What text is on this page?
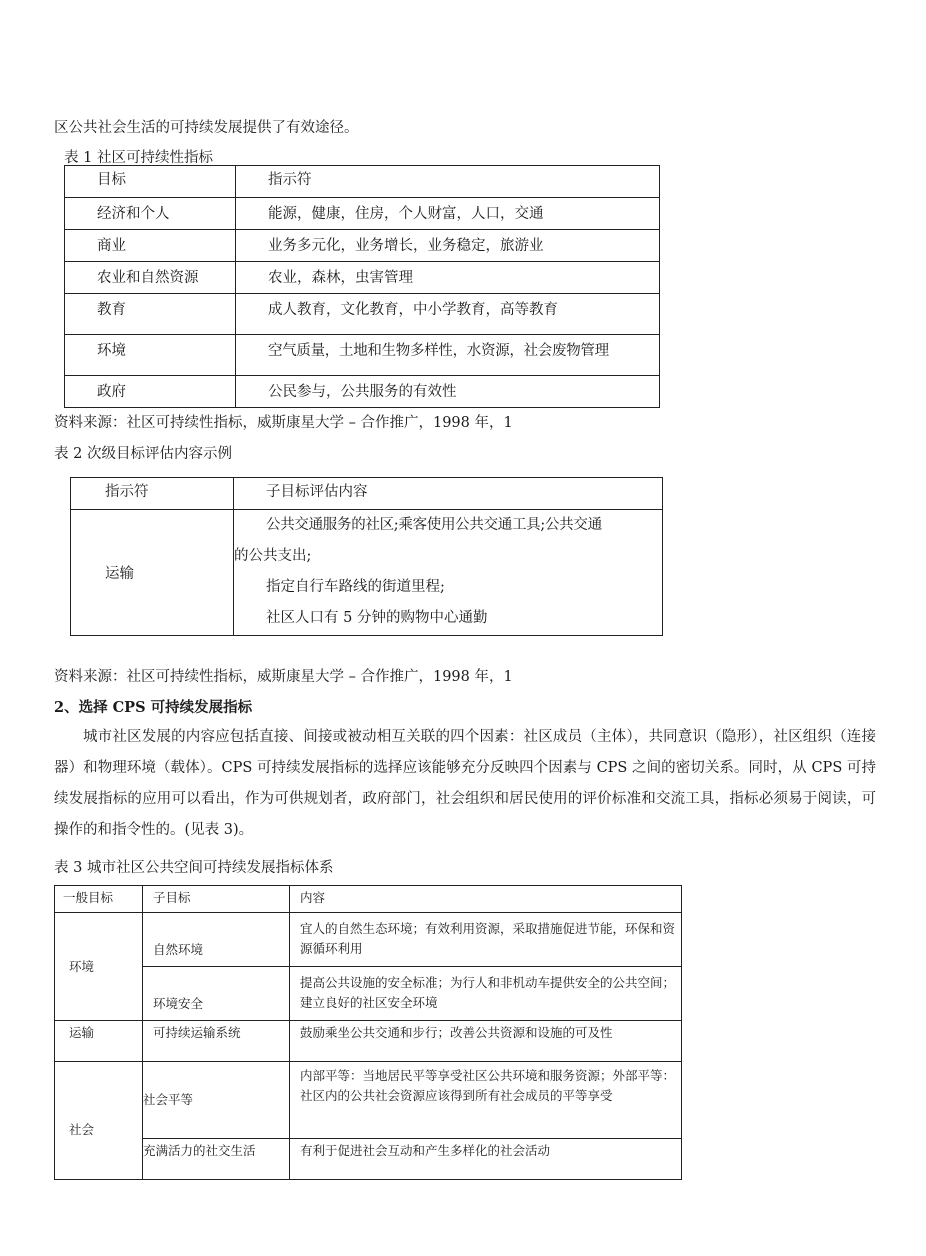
区公共社会生活的可持续发展提供了有效途径。
表 1 社区可持续性指标
目标	指示符

经济和个人	能源，健康，住房，个人财富，人口，交通

商业	业务多元化，业务增长，业务稳定，旅游业

农业和自然资源	农业，森林，虫害管理

教育	成人教育，文化教育，中小学教育，高等教育

环境	空气质量，土地和生物多样性，水资源，社会废物管理

政府	公民参与，公共服务的有效性
资料来源：社区可持续性指标，威斯康星大学 – 合作推广，1998 年，1
表 2 次级目标评估内容示例
指示符	子目标评估内容

运输	公共交通服务的社区;乘客使用公共交通工具;公共交通
的公共支出;
指定自行车路线的街道里程;
社区人口有 5 分钟的购物中心通勤
资料来源：社区可持续性指标，威斯康星大学 – 合作推广，1998 年，1
2、选择 CPS 可持续发展指标

城市社区发展的内容应包括直接、间接或被动相互关联的四个因素：社区成员（主体），共同意识（隐形），社区组织（连接器）和物理环境（载体）。CPS 可持续发展指标的选择应该能够充分反映四个因素与 CPS 之间的密切关系。同时，从 CPS 可持续发展指标的应用可以看出，作为可供规划者，政府部门，社会组织和居民使用的评价标准和交流工具，指标必须易于阅读，可操作的和指令性的。(见表 3)。

表 3 城市社区公共空间可持续发展指标体系
一般目标	子目标	内容

环境	自然环境	宜人的自然生态环境；有效利用资源，采取措施促进节能，环保和资源循环利用

	环境安全	提高公共设施的安全标准；为行人和非机动车提供安全的公共空间；建立良好的社区安全环境

运输	可持续运输系统	鼓励乘坐公共交通和步行；改善公共资源和设施的可及性

社会	社会平等	内部平等：当地居民平等享受社区公共环境和服务资源；外部平等：社区内的公共社会资源应该得到所有社会成员的平等享受

	充满活力的社交生活	有利于促进社会互动和产生多样化的社会活动
